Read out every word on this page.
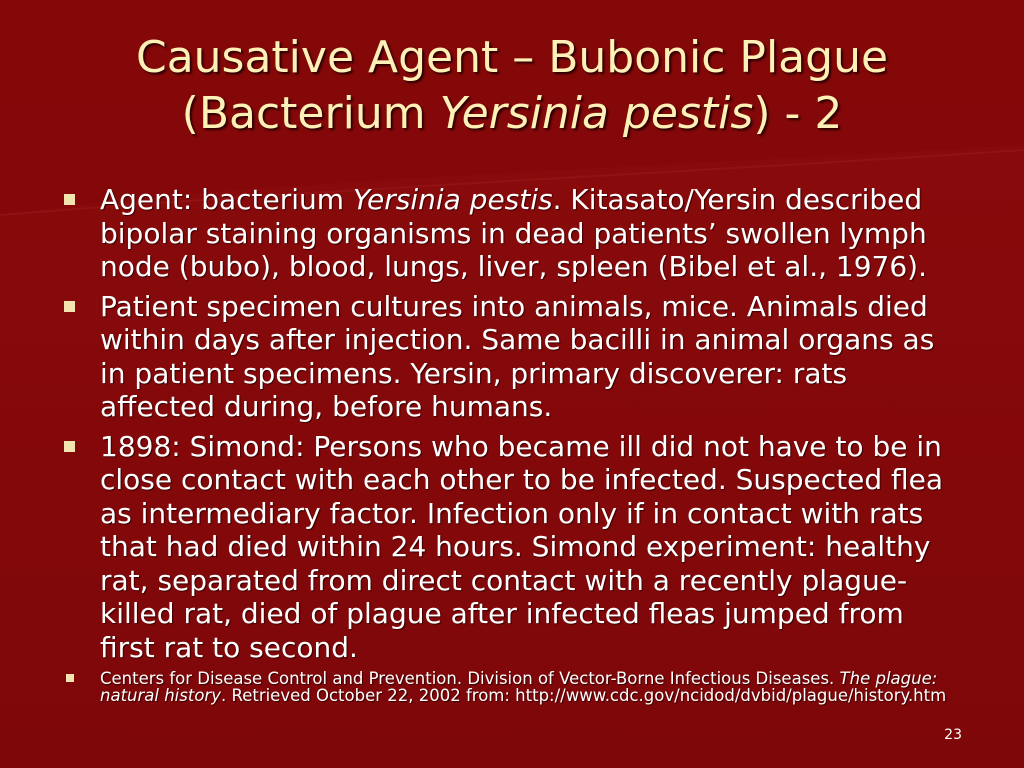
Causative Agent – Bubonic Plague
(Bacterium Yersinia pestis) - 2
Agent: bacterium Yersinia pestis. Kitasato/Yersin described bipolar staining organisms in dead patients’ swollen lymph node (bubo), blood, lungs, liver, spleen (Bibel et al., 1976).
Patient specimen cultures into animals, mice. Animals died within days after injection. Same bacilli in animal organs as in patient specimens. Yersin, primary discoverer: rats affected during, before humans.
1898: Simond: Persons who became ill did not have to be in close contact with each other to be infected. Suspected flea as intermediary factor. Infection only if in contact with rats that had died within 24 hours. Simond experiment: healthy rat, separated from direct contact with a recently plague-killed rat, died of plague after infected fleas jumped from first rat to second.
Centers for Disease Control and Prevention. Division of Vector-Borne Infectious Diseases. The plague: natural history. Retrieved October 22, 2002 from: http://www.cdc.gov/ncidod/dvbid/plague/history.htm
23
